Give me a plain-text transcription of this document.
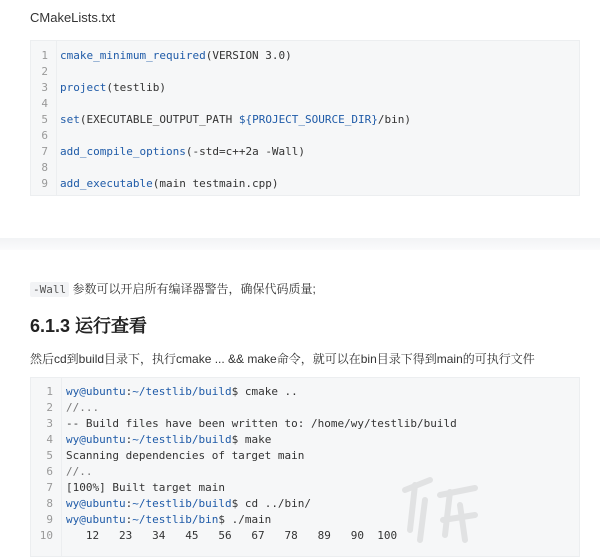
CMakeLists.txt
1 cmake_minimum_required(VERSION 3.0)
2
3 project(testlib)
4
5 set(EXECUTABLE_OUTPUT_PATH ${PROJECT_SOURCE_DIR}/bin)
6
7 add_compile_options(-std=c++2a -Wall)
8
9 add_executable(main testmain.cpp)
-Wall 参数可以开启所有编译器警告，确保代码质量;
6.1.3 运行查看
然后cd到build目录下，执行cmake ... && make命令，就可以在bin目录下得到main的可执行文件
1 wy@ubuntu:~/testlib/build$ cmake ..
2 //...
3 -- Build files have been written to: /home/wy/testlib/build
4 wy@ubuntu:~/testlib/build$ make
5 Scanning dependencies of target main
6 //..
7 [100%] Built target main
8 wy@ubuntu:~/testlib/build$ cd ../bin/
9 wy@ubuntu:~/testlib/bin$ ./main
10 12   23   34   45   56   67   78   89   90  100
